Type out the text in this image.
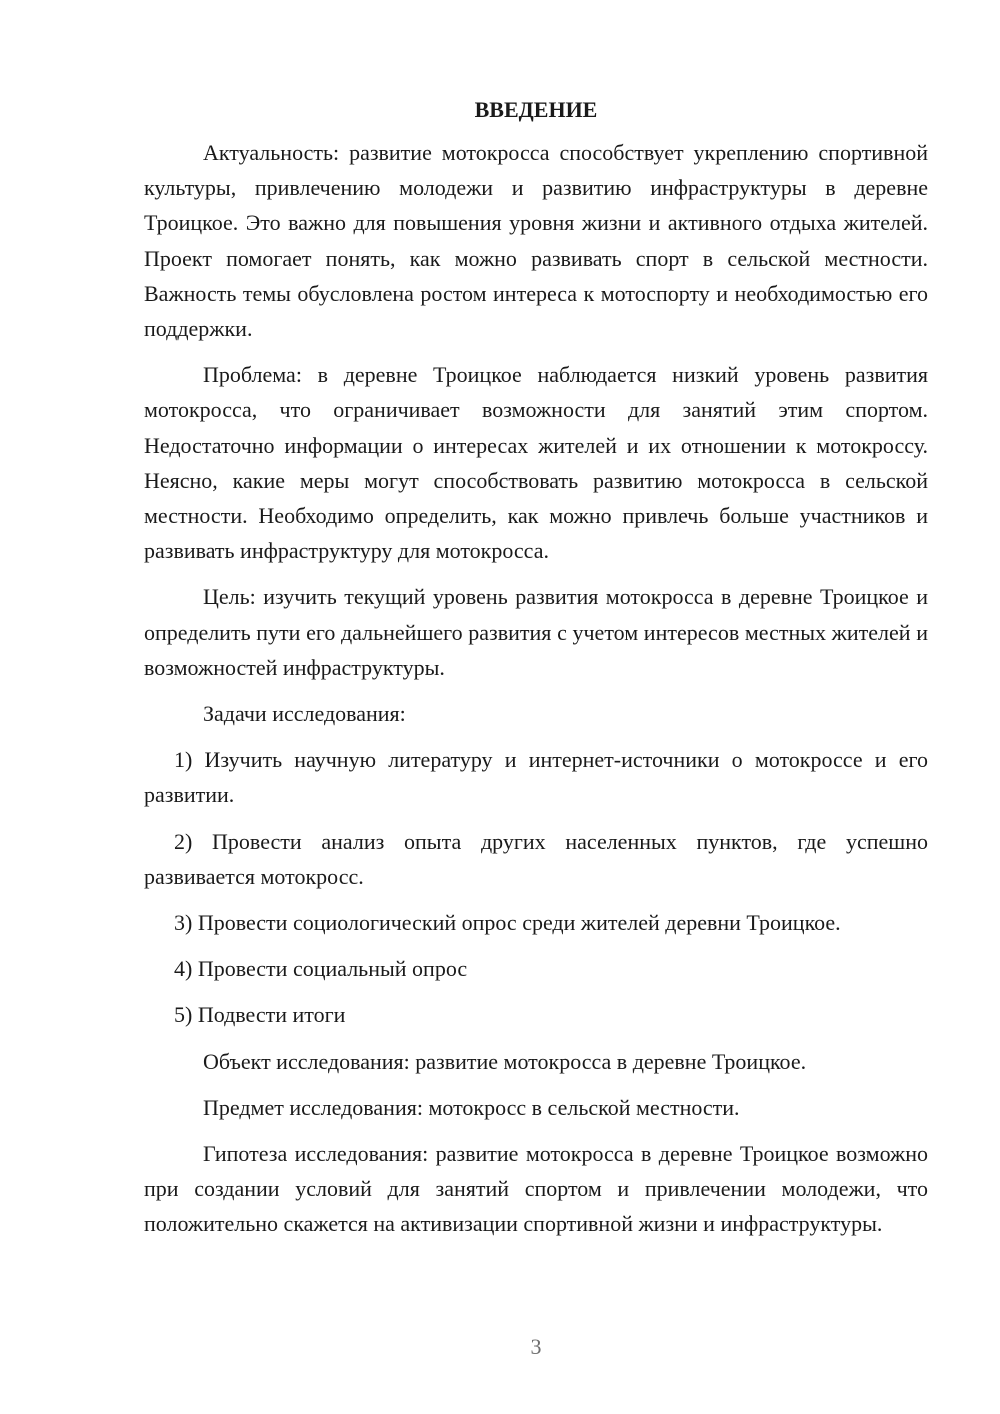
ВВЕДЕНИЕ

Актуальность: развитие мотокросса способствует укреплению спортивной культуры, привлечению молодежи и развитию инфраструктуры в деревне Троицкое. Это важно для повышения уровня жизни и активного отдыха жителей. Проект помогает понять, как можно развивать спорт в сельской местности. Важность темы обусловлена ростом интереса к мотоспорту и необходимостью его поддержки.

Проблема: в деревне Троицкое наблюдается низкий уровень развития мотокросса, что ограничивает возможности для занятий этим спортом. Недостаточно информации о интересах жителей и их отношении к мотокроссу. Неясно, какие меры могут способствовать развитию мотокросса в сельской местности. Необходимо определить, как можно привлечь больше участников и развивать инфраструктуру для мотокросса.

Цель: изучить текущий уровень развития мотокросса в деревне Троицкое и определить пути его дальнейшего развития с учетом интересов местных жителей и возможностей инфраструктуры.

Задачи исследования:

1) Изучить научную литературу и интернет-источники о мотокроссе и его развитии.

2) Провести анализ опыта других населенных пунктов, где успешно развивается мотокросс.

3) Провести социологический опрос среди жителей деревни Троицкое.

4) Провести социальный опрос

5) Подвести итоги

Объект исследования: развитие мотокросса в деревне Троицкое.

Предмет исследования: мотокросс в сельской местности.

Гипотеза исследования: развитие мотокросса в деревне Троицкое возможно при создании условий для занятий спортом и привлечении молодежи, что положительно скажется на активизации спортивной жизни и инфраструктуры.

3
